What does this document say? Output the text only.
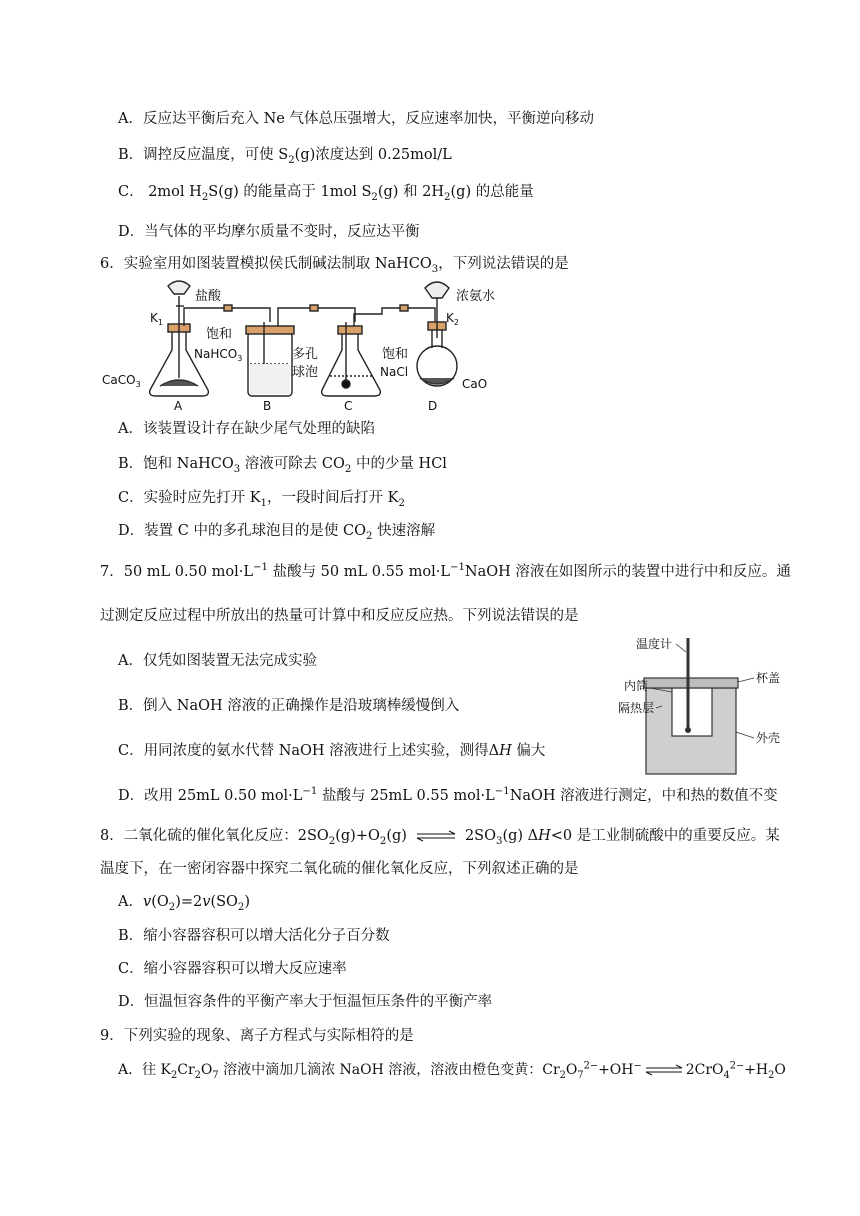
A．反应达平衡后充入 Ne 气体总压强增大，反应速率加快，平衡逆向移动
B．调控反应温度，可使 $S_2(g)$浓度达到 0.25mol/L
C． 2mol $H_2S(g)$ 的能量高于 1mol $S_2(g)$ 和 $2H_2(g)$ 的总能量
D．当气体的平均摩尔质量不变时，反应达平衡
6．实验室用如图装置模拟侯氏制碱法制取 NaHCO$_3$，下列说法错误的是
盐酸
$K_1$
CaCO$_3$
饱和
NaHCO$_3$	多孔
球泡
饱和
NaCl
浓氨水
$K_2$
CaO
A	B	C	D
A．该装置设计存在缺少尾气处理的缺陷
B．饱和 NaHCO$_3$ 溶液可除去 $CO_2$ 中的少量 HCl
C．实验时应先打开 $K_1$，一段时间后打开 $K_2$
D．装置 C 中的多孔球泡目的是使 $CO_2$ 快速溶解
7．50 mL 0.50 $mol\cdot L^{-1}$ 盐酸与 50 mL 0.55 $mol\cdot L^{-1}NaOH$ 溶液在如图所示的装置中进行中和反应。通
过测定反应过程中所放出的热量可计算中和反应反应热。下列说法错误的是
温度计
杯盖
内筒
隔热层
外壳
A．仅凭如图装置无法完成实验
B．倒入 NaOH 溶液的正确操作是沿玻璃棒缓慢倒入
C．用同浓度的氨水代替 NaOH 溶液进行上述实验，测得ΔH 偏大
D．改用 25mL 0.50 $mol\cdot L^{-1}$ 盐酸与 25mL 0.55 $mol\cdot L^{-1}NaOH$ 溶液进行测定，中和热的数值不变
8．二氧化硫的催化氧化反应：$2SO_2(g)+O_2(g)$ ⇌ $2SO_3(g)$ ΔH<0 是工业制硫酸中的重要反应。某
温度下，在一密闭容器中探究二氧化硫的催化氧化反应，下列叙述正确的是
A．$v(O_2)=2v(SO_2)$
B．缩小容器容积可以增大活化分子百分数
C．缩小容器容积可以增大反应速率
D．恒温恒容条件的平衡产率大于恒温恒压条件的平衡产率
9．下列实验的现象、离子方程式与实际相符的是
A．往 $K_2Cr_2O_7$ 溶液中滴加几滴浓 NaOH 溶液，溶液由橙色变黄：$Cr_2O_7^{2-}+OH^-$ ⇌ $2CrO_4^{2-}+H_2O$
